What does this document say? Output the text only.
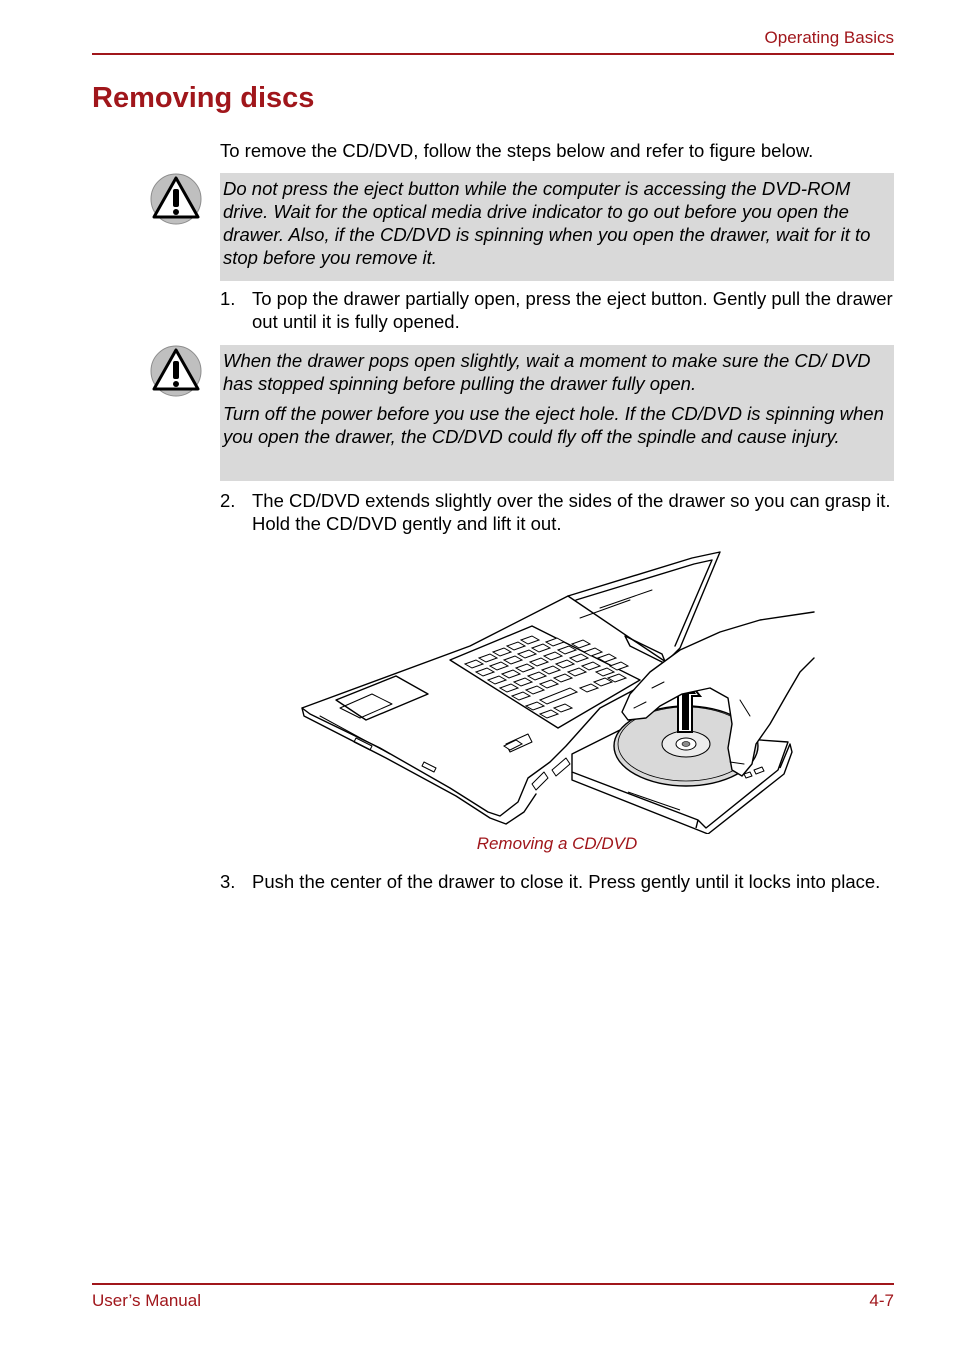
Operating Basics
Removing discs
To remove the CD/DVD, follow the steps below and refer to figure below.

Do not press the eject button while the computer is accessing the DVD-ROM drive. Wait for the optical media drive indicator to go out before you open the drawer. Also, if the CD/DVD is spinning when you open the drawer, wait for it to stop before you remove it.

1. To pop the drawer partially open, press the eject button. Gently pull the drawer out until it is fully opened.

When the drawer pops open slightly, wait a moment to make sure the CD/ DVD has stopped spinning before pulling the drawer fully open.

Turn off the power before you use the eject hole. If the CD/DVD is spinning when you open the drawer, the CD/DVD could fly off the spindle and cause injury.

2. The CD/DVD extends slightly over the sides of the drawer so you can grasp it. Hold the CD/DVD gently and lift it out.
Removing a CD/DVD
3. Push the center of the drawer to close it. Press gently until it locks into place.
User’s Manual	4-7
